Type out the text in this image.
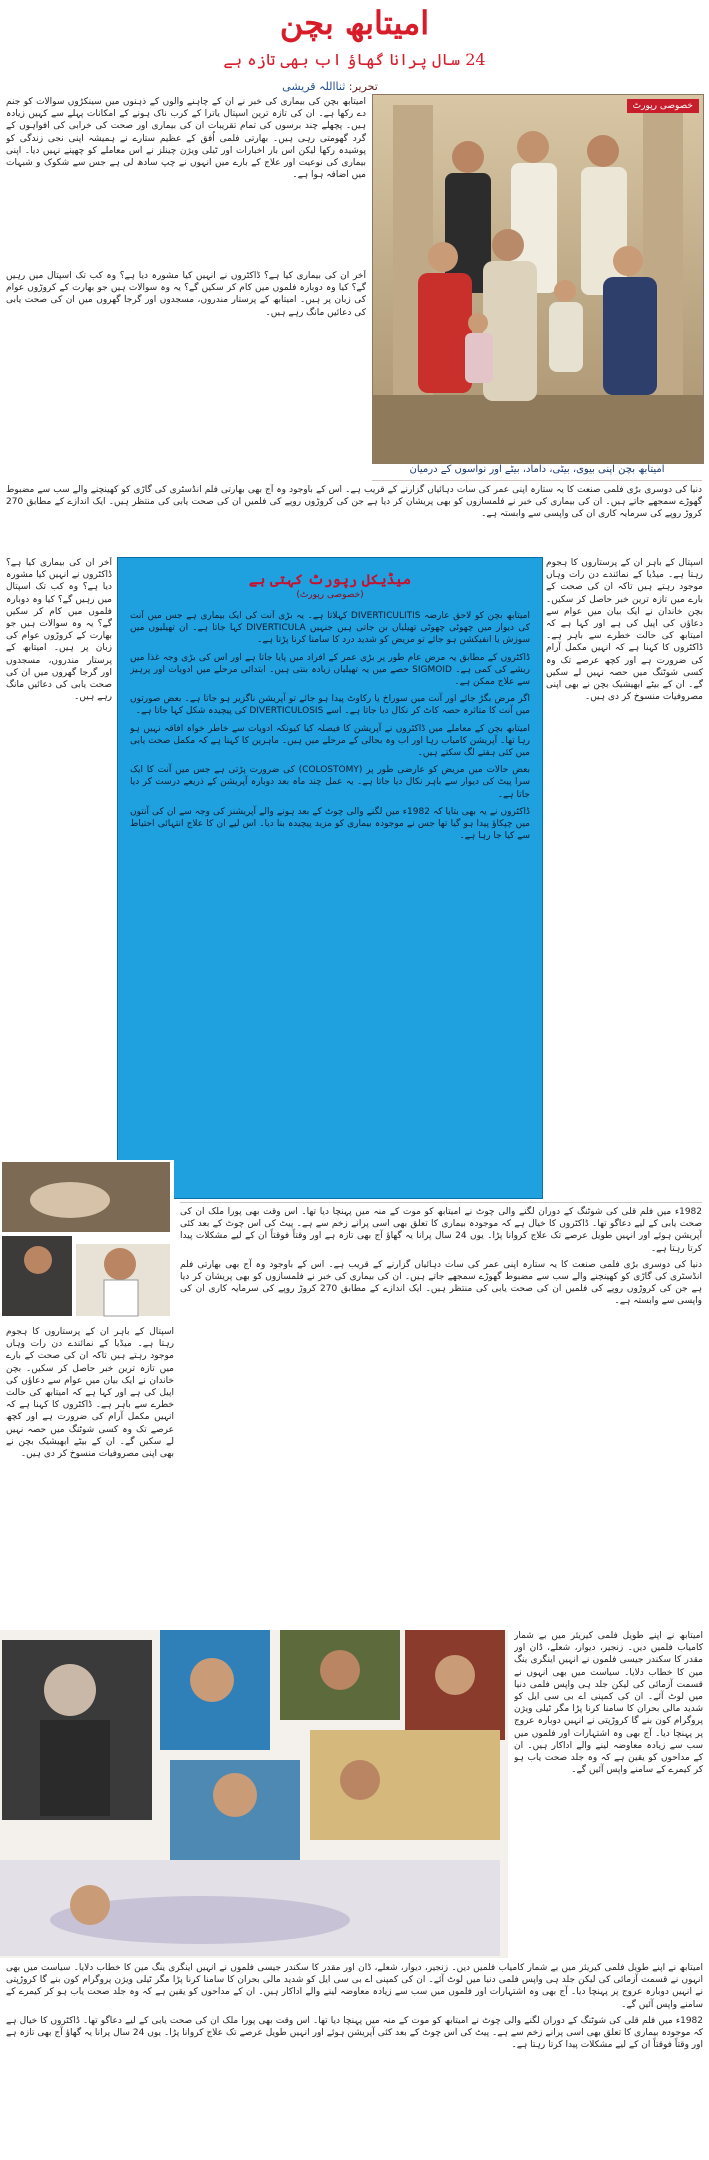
امیتابھ بچن
24 سال پرانا گھاؤ اب بھی تازہ ہے
تحریر: ثنااللہ قریشی

امیتابھ بچن کی بیماری کی خبر نے ان کے چاہنے والوں کے ذہنوں میں سینکڑوں سوالات کو جنم دے رکھا ہے۔ ان کی تازہ ترین اسپتال یاترا کے کرب ناک ہونے کے امکانات پہلے سے کہیں زیادہ ہیں۔ پچھلے چند برسوں کی تمام تقریبات ان کی بیماری اور صحت کی خرابی کی افواہوں کے گرد گھومتی رہی ہیں۔ بھارتی فلمی اُفق کے عظیم ستارے نے ہمیشہ اپنی نجی زندگی کو پوشیدہ رکھا لیکن اس بار اخبارات اور ٹیلی ویژن چینلز نے اس معاملے کو چھپنے نہیں دیا۔ اپنی بیماری کی نوعیت اور علاج کے بارے میں انہوں نے چپ سادھ لی ہے جس سے شکوک و شبہات میں اضافہ ہوا ہے۔

آخر ان کی بیماری کیا ہے؟ ڈاکٹروں نے انہیں کیا مشورہ دیا ہے؟ وہ کب تک اسپتال میں رہیں گے؟ کیا وہ دوبارہ فلموں میں کام کر سکیں گے؟ یہ وہ سوالات ہیں جو بھارت کے کروڑوں عوام کی زبان پر ہیں۔ امیتابھ کے پرستار مندروں، مسجدوں اور گرجا گھروں میں ان کی صحت یابی کی دعائیں مانگ رہے ہیں۔

خصوصی رپورٹ
امیتابھ بچن اپنی بیوی، بیٹی، داماد، بیٹے اور نواسوں کے درمیان

دنیا کی دوسری بڑی فلمی صنعت کا یہ ستارہ اپنی عمر کی سات دہائیاں گزارنے کے قریب ہے۔ اس کے باوجود وہ آج بھی بھارتی فلم انڈسٹری کی گاڑی کو کھینچنے والے سب سے مضبوط گھوڑے سمجھے جاتے ہیں۔ ان کی بیماری کی خبر نے فلمسازوں کو بھی پریشان کر دیا ہے جن کی کروڑوں روپے کی فلمیں ان کی صحت یابی کی منتظر ہیں۔ ایک اندازے کے مطابق 270 کروڑ روپے کی سرمایہ کاری ان کی واپسی سے وابستہ ہے۔

میڈیکل رپورٹ کہتی ہے
(خصوصی رپورٹ)

امیتابھ بچن کو لاحق عارضہ DIVERTICULITIS کہلاتا ہے۔ یہ بڑی آنت کی ایک بیماری ہے جس میں آنت کی دیوار میں چھوٹی چھوٹی تھیلیاں بن جاتی ہیں جنہیں DIVERTICULA کہا جاتا ہے۔ ان تھیلیوں میں سوزش یا انفیکشن ہو جائے تو مریض کو شدید درد کا سامنا کرنا پڑتا ہے۔

ڈاکٹروں کے مطابق یہ مرض عام طور پر بڑی عمر کے افراد میں پایا جاتا ہے اور اس کی بڑی وجہ غذا میں ریشے کی کمی ہے۔ SIGMOID حصے میں یہ تھیلیاں زیادہ بنتی ہیں۔ ابتدائی مرحلے میں ادویات اور پرہیز سے علاج ممکن ہے۔

اگر مرض بگڑ جائے اور آنت میں سوراخ یا رکاوٹ پیدا ہو جائے تو آپریشن ناگزیر ہو جاتا ہے۔ بعض صورتوں میں آنت کا متاثرہ حصہ کاٹ کر نکال دیا جاتا ہے۔ اسے DIVERTICULOSIS کی پیچیدہ شکل کہا جاتا ہے۔

امیتابھ بچن کے معاملے میں ڈاکٹروں نے آپریشن کا فیصلہ کیا کیونکہ ادویات سے خاطر خواہ افاقہ نہیں ہو رہا تھا۔ آپریشن کامیاب رہا اور اب وہ بحالی کے مرحلے میں ہیں۔ ماہرین کا کہنا ہے کہ مکمل صحت یابی میں کئی ہفتے لگ سکتے ہیں۔

بعض حالات میں مریض کو عارضی طور پر (COLOSTOMY) کی ضرورت پڑتی ہے جس میں آنت کا ایک سرا پیٹ کی دیوار سے باہر نکال دیا جاتا ہے۔ یہ عمل چند ماہ بعد دوبارہ آپریشن کے ذریعے درست کر دیا جاتا ہے۔

ڈاکٹروں نے یہ بھی بتایا کہ 1982ء میں لگنے والی چوٹ کے بعد ہونے والے آپریشنز کی وجہ سے ان کی آنتوں میں چپکاؤ پیدا ہو گیا تھا جس نے موجودہ بیماری کو مزید پیچیدہ بنا دیا۔ اس لیے ان کا علاج انتہائی احتیاط سے کیا جا رہا ہے۔

اسپتال کے باہر ان کے پرستاروں کا ہجوم رہتا ہے۔ میڈیا کے نمائندے دن رات وہاں موجود رہتے ہیں تاکہ ان کی صحت کے بارے میں تازہ ترین خبر حاصل کر سکیں۔ بچن خاندان نے ایک بیان میں عوام سے دعاؤں کی اپیل کی ہے اور کہا ہے کہ امیتابھ کی حالت خطرے سے باہر ہے۔ ڈاکٹروں کا کہنا ہے کہ انہیں مکمل آرام کی ضرورت ہے اور کچھ عرصے تک وہ کسی شوٹنگ میں حصہ نہیں لے سکیں گے۔ ان کے بیٹے ابھیشیک بچن نے بھی اپنی مصروفیات منسوخ کر دی ہیں۔

آخر ان کی بیماری کیا ہے؟ ڈاکٹروں نے انہیں کیا مشورہ دیا ہے؟ وہ کب تک اسپتال میں رہیں گے؟ کیا وہ دوبارہ فلموں میں کام کر سکیں گے؟ یہ وہ سوالات ہیں جو بھارت کے کروڑوں عوام کی زبان پر ہیں۔ امیتابھ کے پرستار مندروں، مسجدوں اور گرجا گھروں میں ان کی صحت یابی کی دعائیں مانگ رہے ہیں۔

1982ء میں فلم قلی کی شوٹنگ کے دوران لگنے والی چوٹ نے امیتابھ کو موت کے منہ میں پہنچا دیا تھا۔ اس وقت بھی پورا ملک ان کی صحت یابی کے لیے دعاگو تھا۔ ڈاکٹروں کا خیال ہے کہ موجودہ بیماری کا تعلق بھی اسی پرانے زخم سے ہے۔ پیٹ کی اس چوٹ کے بعد کئی آپریشن ہوئے اور انہیں طویل عرصے تک علاج کروانا پڑا۔ یوں 24 سال پرانا یہ گھاؤ آج بھی تازہ ہے اور وقتاً فوقتاً ان کے لیے مشکلات پیدا کرتا رہتا ہے۔

دنیا کی دوسری بڑی فلمی صنعت کا یہ ستارہ اپنی عمر کی سات دہائیاں گزارنے کے قریب ہے۔ اس کے باوجود وہ آج بھی بھارتی فلم انڈسٹری کی گاڑی کو کھینچنے والے سب سے مضبوط گھوڑے سمجھے جاتے ہیں۔ ان کی بیماری کی خبر نے فلمسازوں کو بھی پریشان کر دیا ہے جن کی کروڑوں روپے کی فلمیں ان کی صحت یابی کی منتظر ہیں۔ ایک اندازے کے مطابق 270 کروڑ روپے کی سرمایہ کاری ان کی واپسی سے وابستہ ہے۔

اسپتال کے باہر ان کے پرستاروں کا ہجوم رہتا ہے۔ میڈیا کے نمائندے دن رات وہاں موجود رہتے ہیں تاکہ ان کی صحت کے بارے میں تازہ ترین خبر حاصل کر سکیں۔ بچن خاندان نے ایک بیان میں عوام سے دعاؤں کی اپیل کی ہے اور کہا ہے کہ امیتابھ کی حالت خطرے سے باہر ہے۔ ڈاکٹروں کا کہنا ہے کہ انہیں مکمل آرام کی ضرورت ہے اور کچھ عرصے تک وہ کسی شوٹنگ میں حصہ نہیں لے سکیں گے۔ ان کے بیٹے ابھیشیک بچن نے بھی اپنی مصروفیات منسوخ کر دی ہیں۔

امیتابھ نے اپنے طویل فلمی کیریئر میں بے شمار کامیاب فلمیں دیں۔ زنجیر، دیوار، شعلے، ڈان اور مقدر کا سکندر جیسی فلموں نے انہیں اینگری ینگ مین کا خطاب دلایا۔ سیاست میں بھی انہوں نے قسمت آزمائی کی لیکن جلد ہی واپس فلمی دنیا میں لوٹ آئے۔ ان کی کمپنی اے بی سی ایل کو شدید مالی بحران کا سامنا کرنا پڑا مگر ٹیلی ویژن پروگرام کون بنے گا کروڑپتی نے انہیں دوبارہ عروج پر پہنچا دیا۔ آج بھی وہ اشتہارات اور فلموں میں سب سے زیادہ معاوضہ لینے والے اداکار ہیں۔ ان کے مداحوں کو یقین ہے کہ وہ جلد صحت یاب ہو کر کیمرے کے سامنے واپس آئیں گے۔

امیتابھ نے اپنے طویل فلمی کیریئر میں بے شمار کامیاب فلمیں دیں۔ زنجیر، دیوار، شعلے، ڈان اور مقدر کا سکندر جیسی فلموں نے انہیں اینگری ینگ مین کا خطاب دلایا۔ سیاست میں بھی انہوں نے قسمت آزمائی کی لیکن جلد ہی واپس فلمی دنیا میں لوٹ آئے۔ ان کی کمپنی اے بی سی ایل کو شدید مالی بحران کا سامنا کرنا پڑا مگر ٹیلی ویژن پروگرام کون بنے گا کروڑپتی نے انہیں دوبارہ عروج پر پہنچا دیا۔ آج بھی وہ اشتہارات اور فلموں میں سب سے زیادہ معاوضہ لینے والے اداکار ہیں۔ ان کے مداحوں کو یقین ہے کہ وہ جلد صحت یاب ہو کر کیمرے کے سامنے واپس آئیں گے۔

1982ء میں فلم قلی کی شوٹنگ کے دوران لگنے والی چوٹ نے امیتابھ کو موت کے منہ میں پہنچا دیا تھا۔ اس وقت بھی پورا ملک ان کی صحت یابی کے لیے دعاگو تھا۔ ڈاکٹروں کا خیال ہے کہ موجودہ بیماری کا تعلق بھی اسی پرانے زخم سے ہے۔ پیٹ کی اس چوٹ کے بعد کئی آپریشن ہوئے اور انہیں طویل عرصے تک علاج کروانا پڑا۔ یوں 24 سال پرانا یہ گھاؤ آج بھی تازہ ہے اور وقتاً فوقتاً ان کے لیے مشکلات پیدا کرتا رہتا ہے۔
